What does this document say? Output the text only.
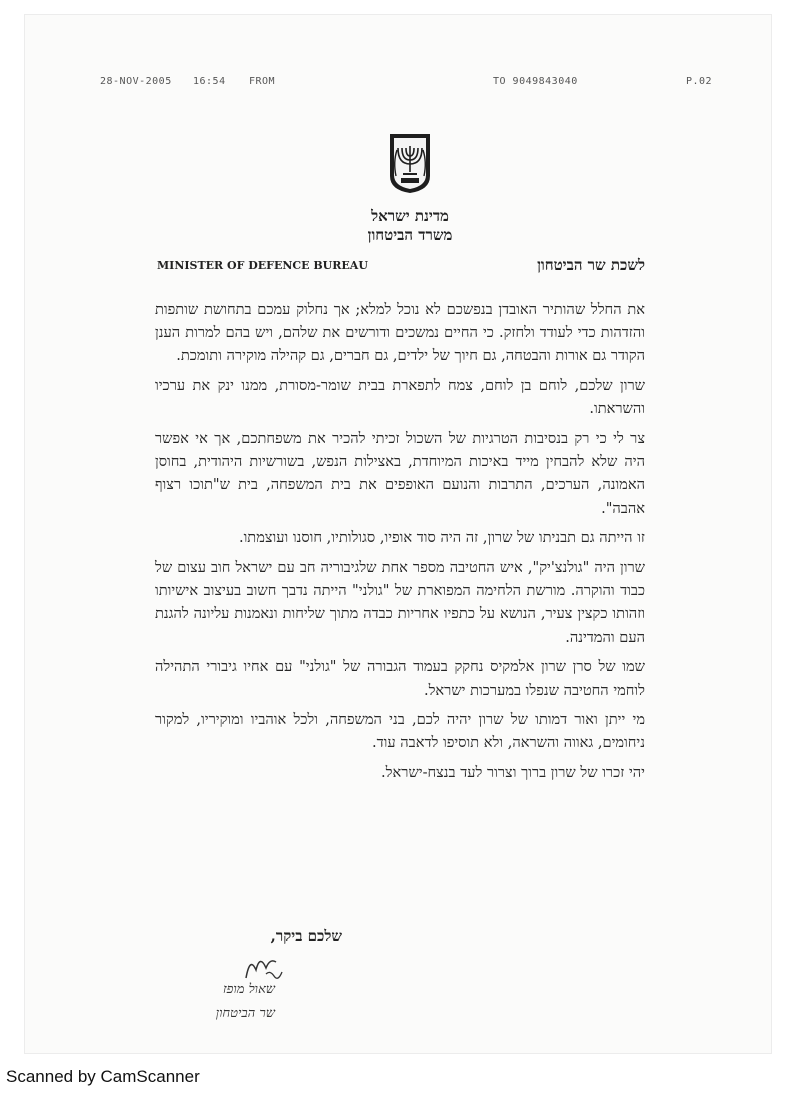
28-NOV-2005 16:54 FROM	TO 9049843040	P.02
מדינת ישראל
משרד הביטחון
MINISTER OF DEFENCE BUREAU	לשכת שר הביטחון

את החלל שהותיר האובדן בנפשכם לא נוכל למלא; אך נחלוק עמכם בתחושת שותפות והזדהות כדי לעודד ולחזק. כי החיים נמשכים ודורשים את שלהם, ויש בהם למרות הענן הקודר גם אורות והבטחה, גם חיוך של ילדים, גם חברים, גם קהילה מוקירה ותומכת.

שרון שלכם, לוחם בן לוחם, צמח לתפארת בבית שומר-מסורת, ממנו ינק את ערכיו והשראתו.

צר לי כי רק בנסיבות הטרגיות של השכול זכיתי להכיר את משפחתכם, אך אי אפשר היה שלא להבחין מייד באיכות המיוחדת, באצילות הנפש, בשורשיות היהודית, בחוסן האמונה, הערכים, התרבות והנועם האופפים את בית המשפחה, בית ש"תוכו רצוף אהבה".

זו הייתה גם תבניתו של שרון, זה היה סוד אופיו, סגולותיו, חוסנו ועוצמתו.

שרון היה "גולנצ'יק", איש החטיבה מספר אחת שלגיבוריה חב עם ישראל חוב עצום של כבוד והוקרה. מורשת הלחימה המפוארת של "גולני" הייתה נדבך חשוב בעיצוב אישיותו וזהותו כקצין צעיר, הנושא על כתפיו אחריות כבדה מתוך שליחות ונאמנות עליונה להגנת העם והמדינה.

שמו של סרן שרון אלמקיס נחקק בעמוד הגבורה של "גולני" עם אחיו גיבורי התהילה לוחמי החטיבה שנפלו במערכות ישראל.

מי ייתן ואור דמותו של שרון יהיה לכם, בני המשפחה, ולכל אוהביו ומוקיריו, למקור ניחומים, גאווה והשראה, ולא תוסיפו לדאבה עוד.

יהי זכרו של שרון ברוך וצרור לעד בנצח-ישראל.

שלכם ביקר,
שאול מופז
שר הביטחון
Scanned by CamScanner
